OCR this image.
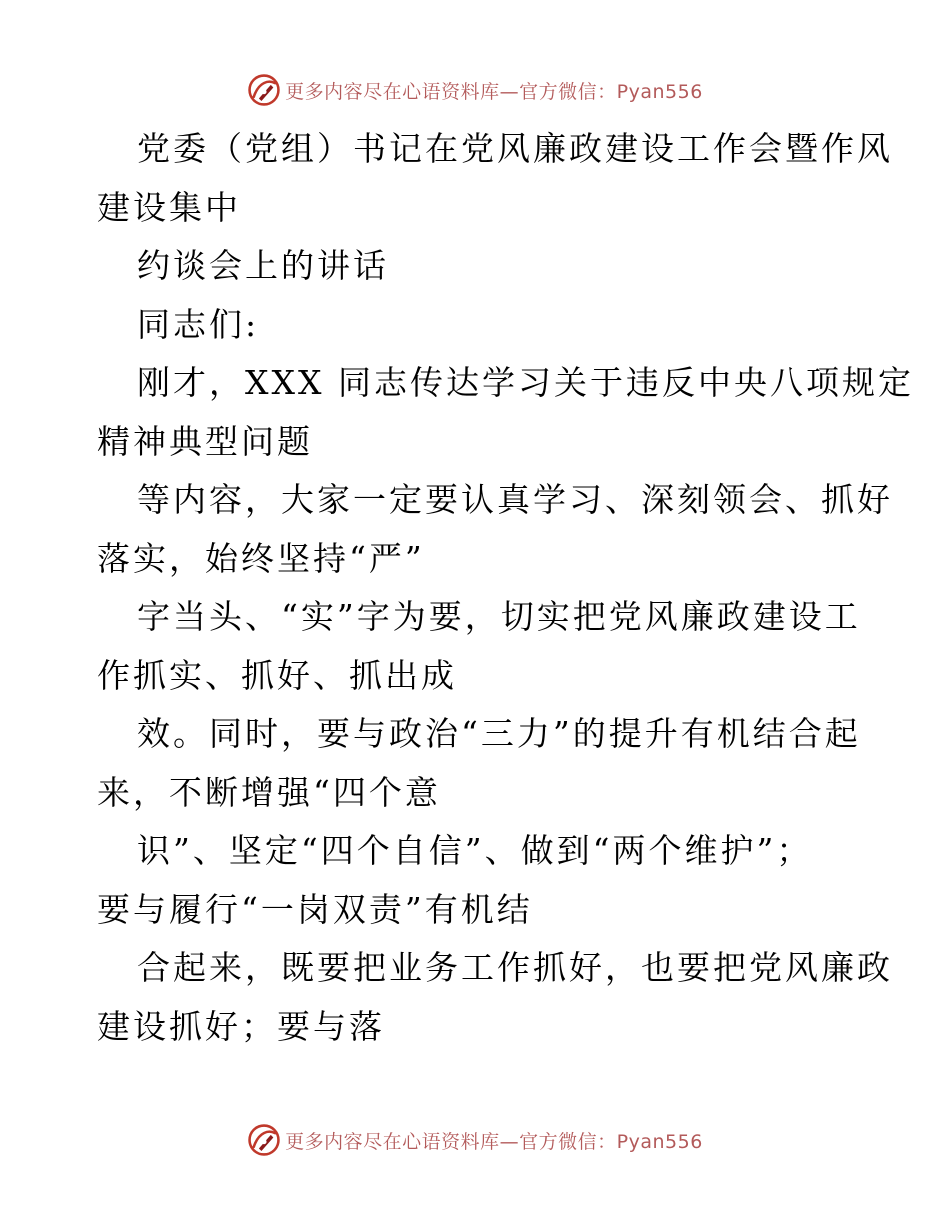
更多内容尽在心语资料库—官方微信：Pyan556
党委（党组）书记在党风廉政建设工作会暨作风
建设集中
约谈会上的讲话
同志们:
刚才，XXX 同志传达学习关于违反中央八项规定
精神典型问题
等内容，大家一定要认真学习、深刻领会、抓好
落实，始终坚持“严”
字当头、“实”字为要，切实把党风廉政建设工
作抓实、抓好、抓出成
效。同时，要与政治“三力”的提升有机结合起
来，不断增强“四个意
识”、坚定“四个自信”、做到“两个维护”；
要与履行“一岗双责”有机结
合起来，既要把业务工作抓好，也要把党风廉政
建设抓好；要与落
更多内容尽在心语资料库—官方微信：Pyan556
